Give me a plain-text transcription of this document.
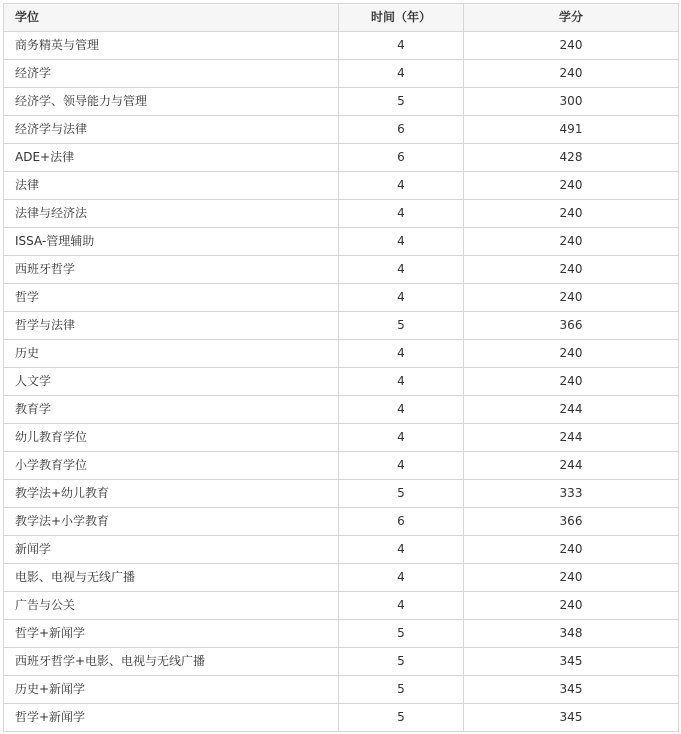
学位	时间（年）	学分
商务精英与管理	4	240
经济学	4	240
经济学、领导能力与管理	5	300
经济学与法律	6	491
ADE+法律	6	428
法律	4	240
法律与经济法	4	240
ISSA-管理辅助	4	240
西班牙哲学	4	240
哲学	4	240
哲学与法律	5	366
历史	4	240
人文学	4	240
教育学	4	244
幼儿教育学位	4	244
小学教育学位	4	244
教学法+幼儿教育	5	333
教学法+小学教育	6	366
新闻学	4	240
电影、电视与无线广播	4	240
广告与公关	4	240
哲学+新闻学	5	348
西班牙哲学+电影、电视与无线广播	5	345
历史+新闻学	5	345
哲学+新闻学	5	345
